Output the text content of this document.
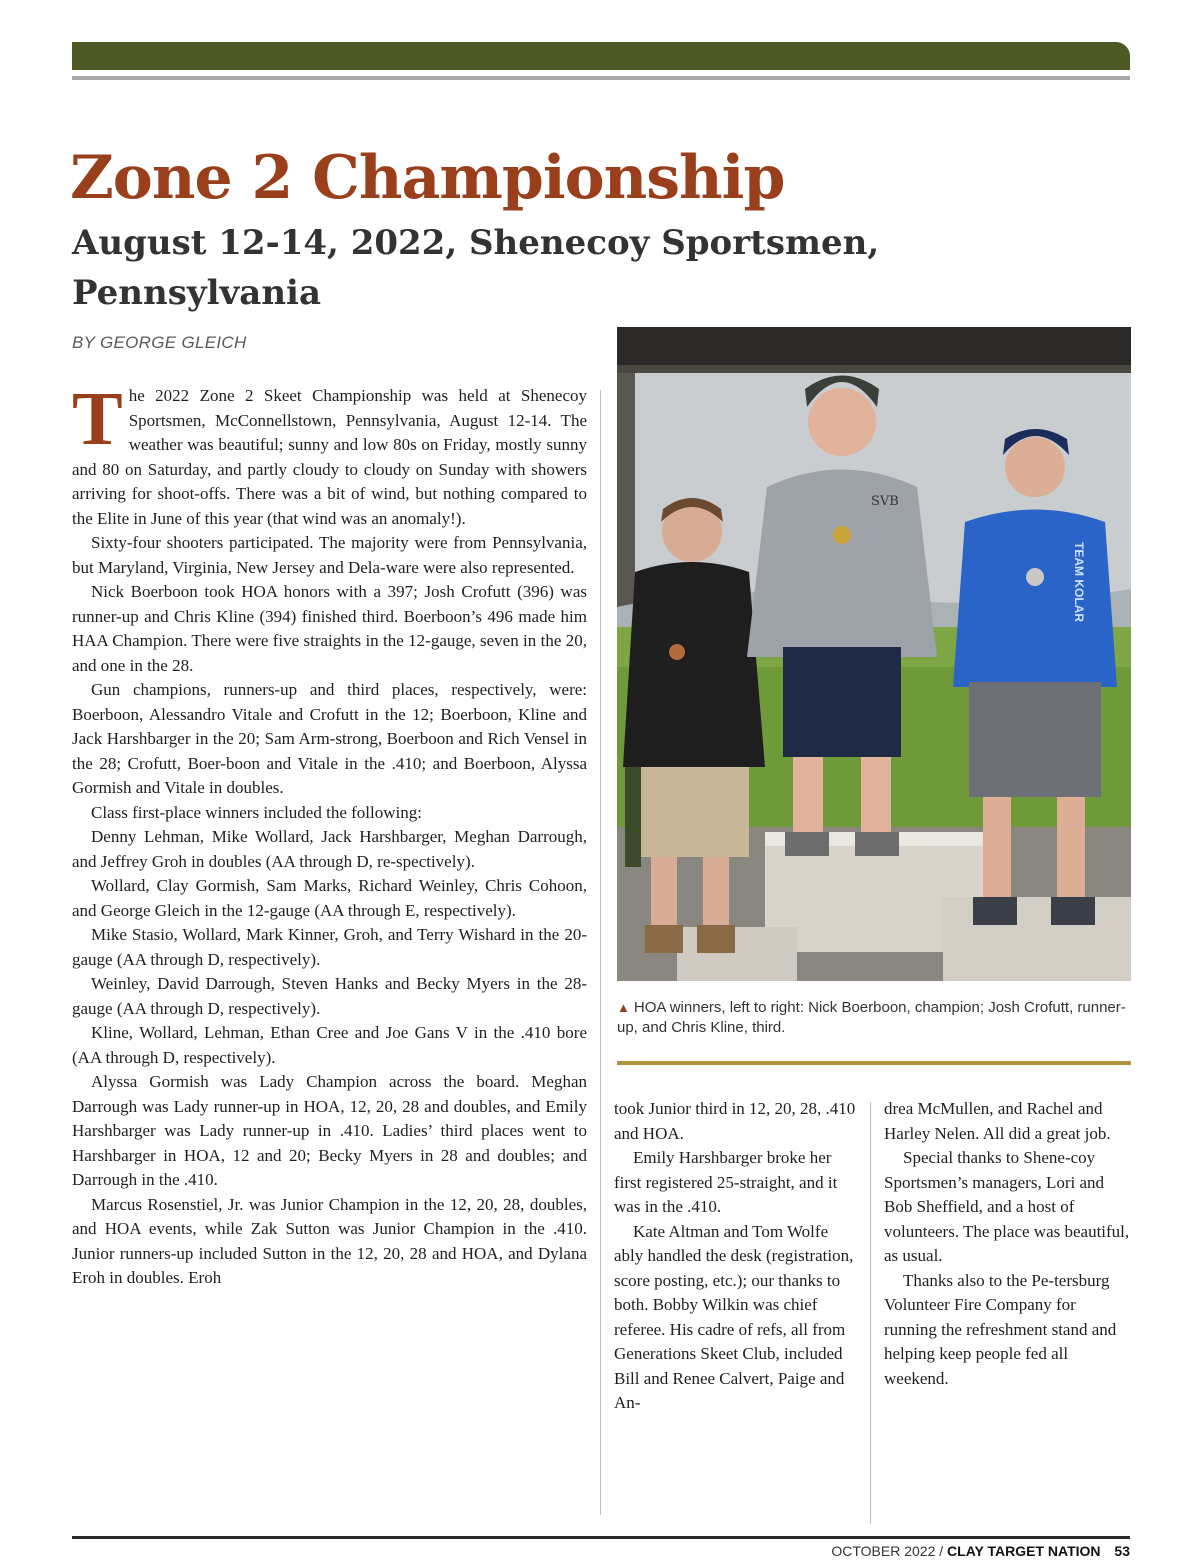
Zone 2 Championship
August 12-14, 2022, Shenecoy Sportsmen, Pennsylvania
BY GEORGE GLEICH

The 2022 Zone 2 Skeet Championship was held at Shenecoy Sportsmen, McConnellstown, Pennsylvania, August 12-14. The weather was beautiful; sunny and low 80s on Friday, mostly sunny and 80 on Saturday, and partly cloudy to cloudy on Sunday with showers arriving for shoot-offs. There was a bit of wind, but nothing compared to the Elite in June of this year (that wind was an anomaly!).

Sixty-four shooters participated. The majority were from Pennsylvania, but Maryland, Virginia, New Jersey and Dela-ware were also represented.

Nick Boerboon took HOA honors with a 397; Josh Crofutt (396) was runner-up and Chris Kline (394) finished third. Boerboon’s 496 made him HAA Champion. There were five straights in the 12-gauge, seven in the 20, and one in the 28.

Gun champions, runners-up and third places, respectively, were: Boerboon, Alessandro Vitale and Crofutt in the 12; Boerboon, Kline and Jack Harshbarger in the 20; Sam Arm-strong, Boerboon and Rich Vensel in the 28; Crofutt, Boer-boon and Vitale in the .410; and Boerboon, Alyssa Gormish and Vitale in doubles.

Class first-place winners included the following:

Denny Lehman, Mike Wollard, Jack Harshbarger, Meghan Darrough, and Jeffrey Groh in doubles (AA through D, re-spectively).

Wollard, Clay Gormish, Sam Marks, Richard Weinley, Chris Cohoon, and George Gleich in the 12-gauge (AA through E, respectively).

Mike Stasio, Wollard, Mark Kinner, Groh, and Terry Wishard in the 20-gauge (AA through D, respectively).

Weinley, David Darrough, Steven Hanks and Becky Myers in the 28-gauge (AA through D, respectively).

Kline, Wollard, Lehman, Ethan Cree and Joe Gans V in the .410 bore (AA through D, respectively).

Alyssa Gormish was Lady Champion across the board. Meghan Darrough was Lady runner-up in HOA, 12, 20, 28 and doubles, and Emily Harshbarger was Lady runner-up in .410. Ladies’ third places went to Harshbarger in HOA, 12 and 20; Becky Myers in 28 and doubles; and Darrough in the .410.

Marcus Rosenstiel, Jr. was Junior Champion in the 12, 20, 28, doubles, and HOA events, while Zak Sutton was Junior Champion in the .410. Junior runners-up included Sutton in the 12, 20, 28 and HOA, and Dylana Eroh in doubles. Eroh

SVB
TEAM KOLAR
▲ HOA winners, left to right: Nick Boerboon, champion; Josh Crofutt, runner-up, and Chris Kline, third.

took Junior third in 12, 20, 28, .410 and HOA.

Emily Harshbarger broke her first registered 25-straight, and it was in the .410.

Kate Altman and Tom Wolfe ably handled the desk (registration, score posting, etc.); our thanks to both. Bobby Wilkin was chief referee. His cadre of refs, all from Generations Skeet Club, included Bill and Renee Calvert, Paige and An-

drea McMullen, and Rachel and Harley Nelen. All did a great job.

Special thanks to Shene-coy Sportsmen’s managers, Lori and Bob Sheffield, and a host of volunteers. The place was beautiful, as usual.

Thanks also to the Pe-tersburg Volunteer Fire Company for running the refreshment stand and helping keep people fed all weekend.

OCTOBER 2022 / CLAY TARGET NATION 53
